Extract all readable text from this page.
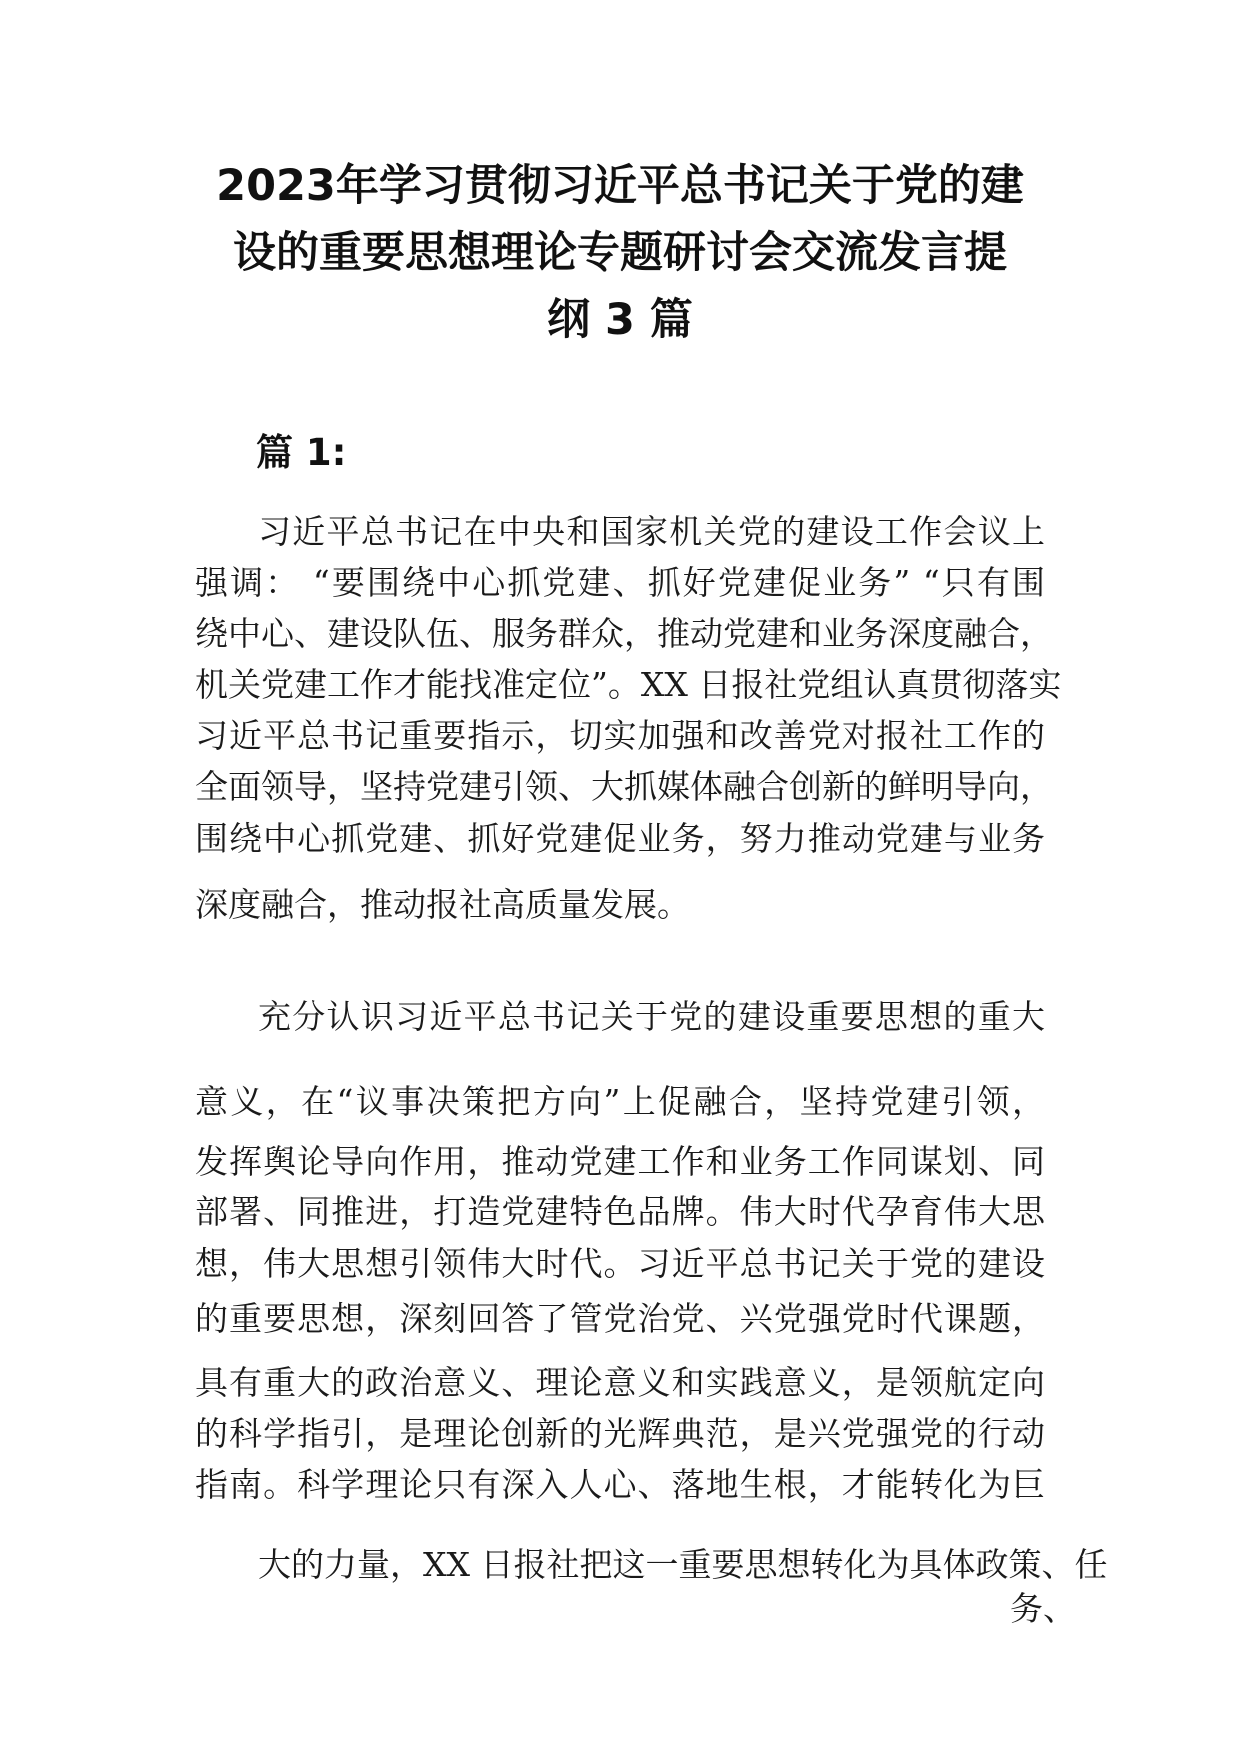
2023年学习贯彻习近平总书记关于党的建
设的重要思想理论专题研讨会交流发言提
纲 3 篇
篇 1:
习近平总书记在中央和国家机关党的建设工作会议上
强调： “要围绕中心抓党建、抓好党建促业务” “只有围
绕中心、建设队伍、服务群众，推动党建和业务深度融合，
机关党建工作才能找准定位”。XX 日报社党组认真贯彻落实
习近平总书记重要指示，切实加强和改善党对报社工作的
全面领导，坚持党建引领、大抓媒体融合创新的鲜明导向，
围绕中心抓党建、抓好党建促业务，努力推动党建与业务
深度融合，推动报社高质量发展。
充分认识习近平总书记关于党的建设重要思想的重大
意义，在“议事决策把方向”上促融合，坚持党建引领，
发挥舆论导向作用，推动党建工作和业务工作同谋划、同
部署、同推进，打造党建特色品牌。伟大时代孕育伟大思
想，伟大思想引领伟大时代。习近平总书记关于党的建设
的重要思想，深刻回答了管党治党、兴党强党时代课题，
具有重大的政治意义、理论意义和实践意义，是领航定向
的科学指引，是理论创新的光辉典范，是兴党强党的行动
指南。科学理论只有深入人心、落地生根，才能转化为巨
大的力量，XX 日报社把这一重要思想转化为具体政策、任
务、
